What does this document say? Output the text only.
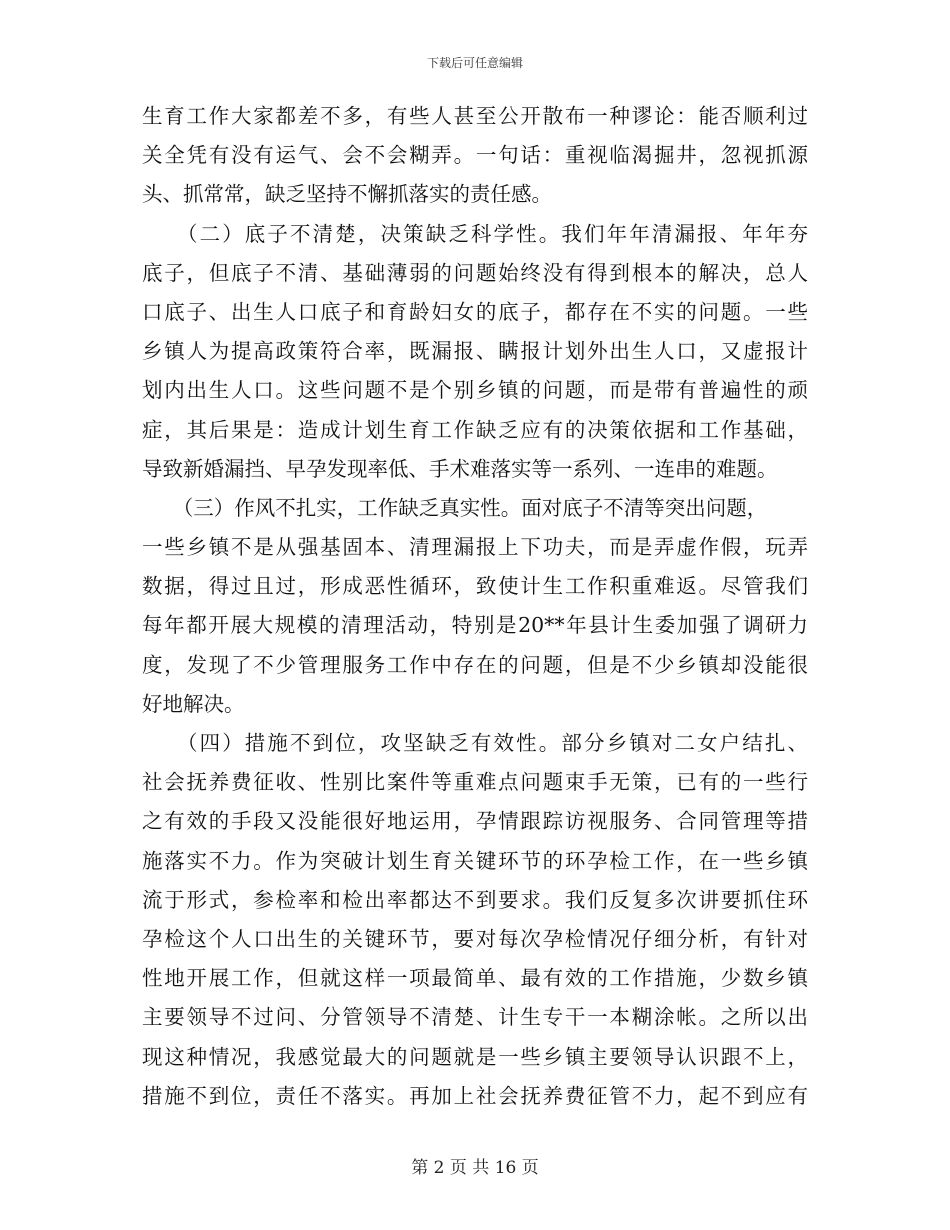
下载后可任意编辑
生育工作大家都差不多，有些人甚至公开散布一种谬论：能否顺利过
关全凭有没有运气、会不会糊弄。一句话：重视临渴掘井，忽视抓源
头、抓常常，缺乏坚持不懈抓落实的责任感。
　　（二）底子不清楚，决策缺乏科学性。我们年年清漏报、年年夯
底子，但底子不清、基础薄弱的问题始终没有得到根本的解决，总人
口底子、出生人口底子和育龄妇女的底子，都存在不实的问题。一些
乡镇人为提高政策符合率，既漏报、瞒报计划外出生人口，又虚报计
划内出生人口。这些问题不是个别乡镇的问题，而是带有普遍性的顽
症，其后果是：造成计划生育工作缺乏应有的决策依据和工作基础，
导致新婚漏挡、早孕发现率低、手术难落实等一系列、一连串的难题。
　　（三）作风不扎实，工作缺乏真实性。面对底子不清等突出问题，
一些乡镇不是从强基固本、清理漏报上下功夫，而是弄虚作假，玩弄
数据，得过且过，形成恶性循环，致使计生工作积重难返。尽管我们
每年都开展大规模的清理活动，特别是20**年县计生委加强了调研力
度，发现了不少管理服务工作中存在的问题，但是不少乡镇却没能很
好地解决。
　　（四）措施不到位，攻坚缺乏有效性。部分乡镇对二女户结扎、
社会抚养费征收、性别比案件等重难点问题束手无策，已有的一些行
之有效的手段又没能很好地运用，孕情跟踪访视服务、合同管理等措
施落实不力。作为突破计划生育关键环节的环孕检工作，在一些乡镇
流于形式，参检率和检出率都达不到要求。我们反复多次讲要抓住环
孕检这个人口出生的关键环节，要对每次孕检情况仔细分析，有针对
性地开展工作，但就这样一项最简单、最有效的工作措施，少数乡镇
主要领导不过问、分管领导不清楚、计生专干一本糊涂帐。之所以出
现这种情况，我感觉最大的问题就是一些乡镇主要领导认识跟不上，
措施不到位，责任不落实。再加上社会抚养费征管不力，起不到应有
第 2 页 共 16 页
